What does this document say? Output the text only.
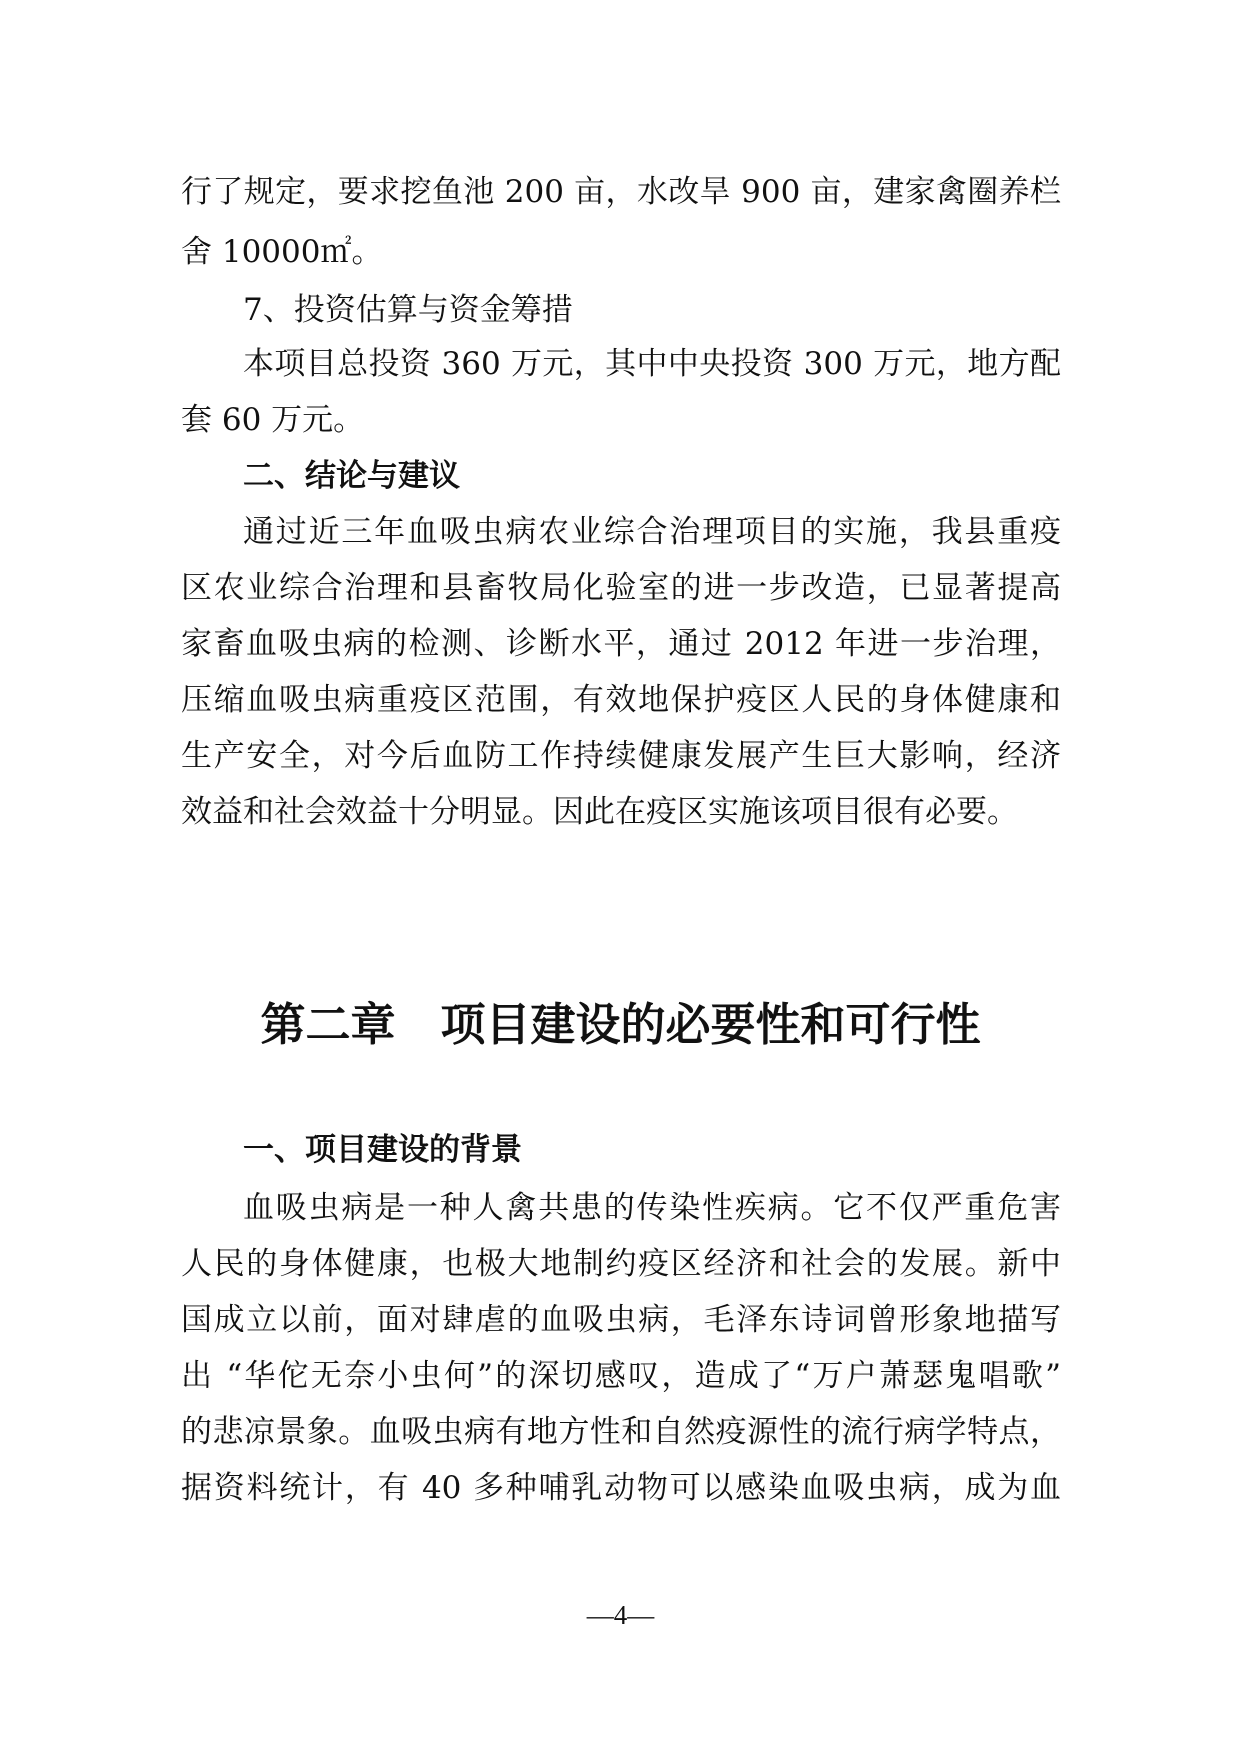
行了规定，要求挖鱼池 200 亩，水改旱 900 亩，建家禽圈养栏
舍 10000㎡。
7、投资估算与资金筹措
本项目总投资 360 万元，其中中央投资 300 万元，地方配
套 60 万元。
二、结论与建议
通过近三年血吸虫病农业综合治理项目的实施，我县重疫
区农业综合治理和县畜牧局化验室的进一步改造，已显著提高
家畜血吸虫病的检测、诊断水平，通过 2012 年进一步治理，
压缩血吸虫病重疫区范围，有效地保护疫区人民的身体健康和
生产安全，对今后血防工作持续健康发展产生巨大影响，经济
效益和社会效益十分明显。因此在疫区实施该项目很有必要。
第二章　项目建设的必要性和可行性
一、项目建设的背景
血吸虫病是一种人禽共患的传染性疾病。它不仅严重危害
人民的身体健康，也极大地制约疫区经济和社会的发展。新中
国成立以前，面对肆虐的血吸虫病，毛泽东诗词曾形象地描写
出 “华佗无奈小虫何”的深切感叹，造成了“万户萧瑟鬼唱歌”
的悲凉景象。血吸虫病有地方性和自然疫源性的流行病学特点，
据资料统计，有 40 多种哺乳动物可以感染血吸虫病，成为血
—4—
